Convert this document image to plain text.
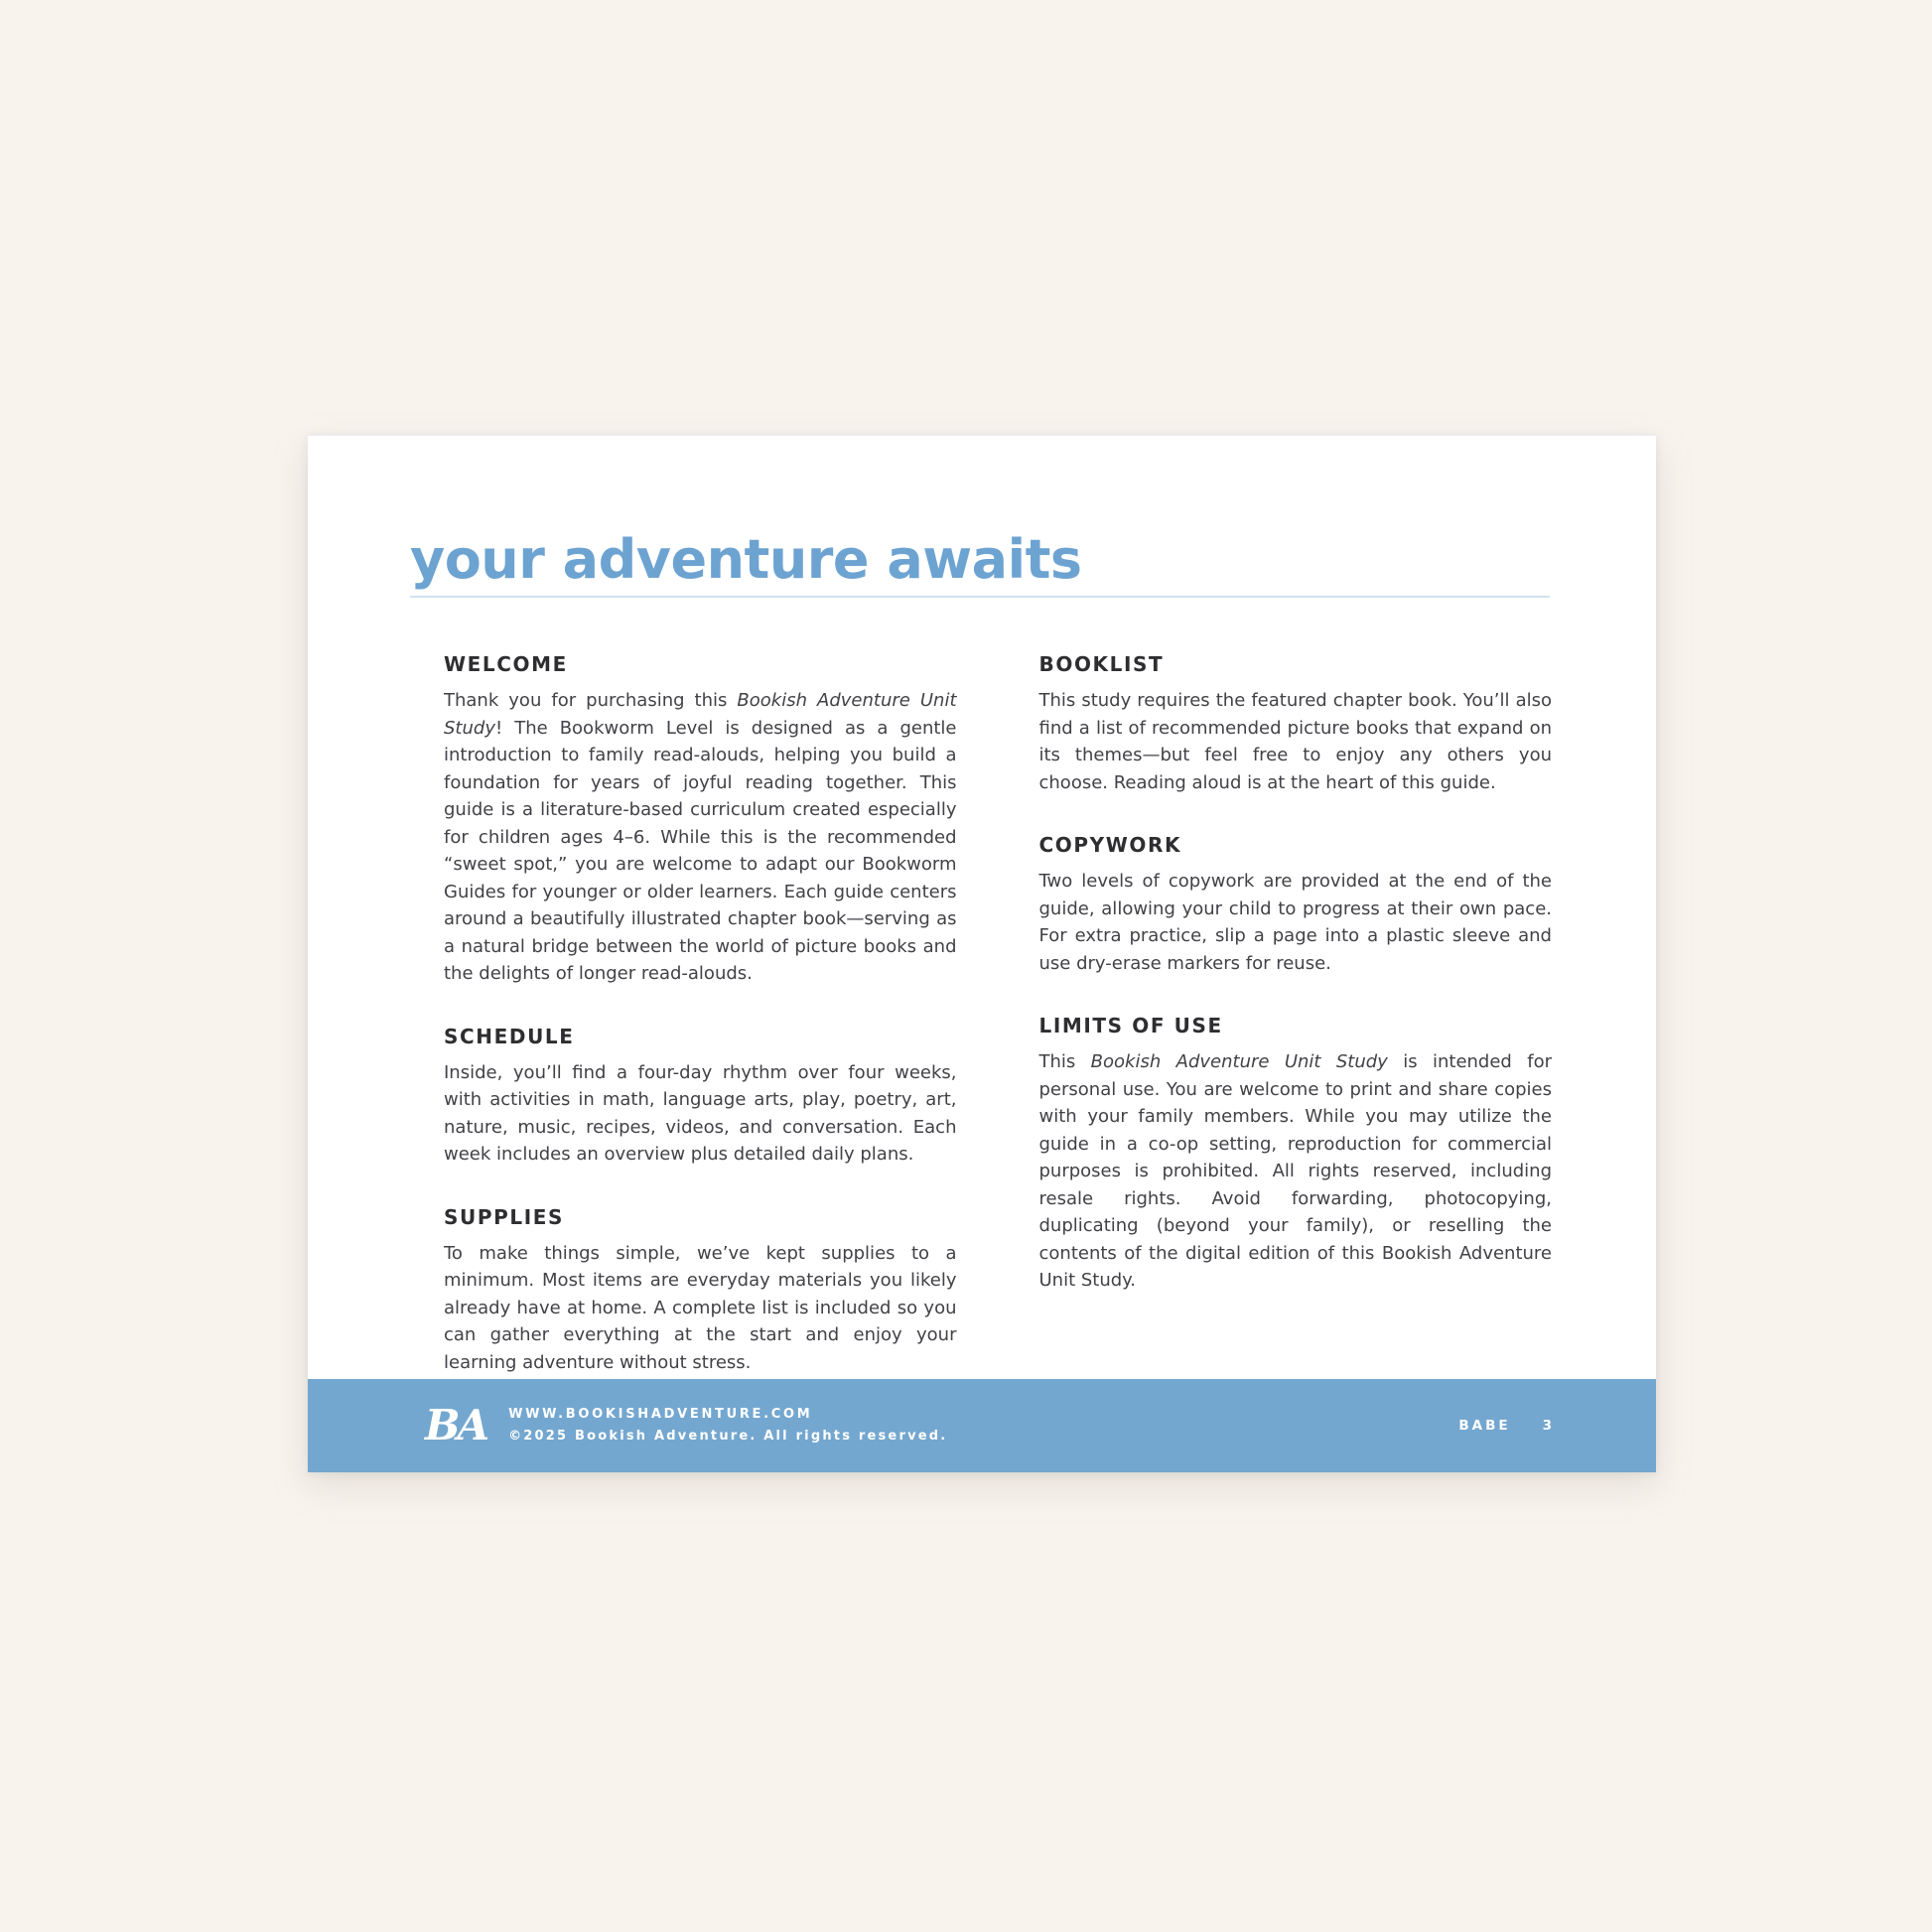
your adventure awaits
WELCOME

Thank you for purchasing this Bookish Adventure Unit Study! The Bookworm Level is designed as a gentle introduction to family read-alouds, helping you build a foundation for years of joyful reading together. This guide is a literature-based curriculum created especially for children ages 4–6. While this is the recommended “sweet spot,” you are welcome to adapt our Bookworm Guides for younger or older learners. Each guide centers around a beautifully illustrated chapter book—serving as a natural bridge between the world of picture books and the delights of longer read-alouds.

SCHEDULE

Inside, you’ll find a four-day rhythm over four weeks, with activities in math, language arts, play, poetry, art, nature, music, recipes, videos, and conversation. Each week includes an overview plus detailed daily plans.

SUPPLIES

To make things simple, we’ve kept supplies to a minimum. Most items are everyday materials you likely already have at home. A complete list is included so you can gather everything at the start and enjoy your learning adventure without stress.

BOOKLIST

This study requires the featured chapter book. You’ll also find a list of recommended picture books that expand on its themes—but feel free to enjoy any others you choose. Reading aloud is at the heart of this guide.

COPYWORK

Two levels of copywork are provided at the end of the guide, allowing your child to progress at their own pace. For extra practice, slip a page into a plastic sleeve and use dry-erase markers for reuse.

LIMITS OF USE

This Bookish Adventure Unit Study is intended for personal use. You are welcome to print and share copies with your family members. While you may utilize the guide in a co-op setting, reproduction for commercial purposes is prohibited. All rights reserved, including resale rights. Avoid forwarding, photocopying, duplicating (beyond your family), or reselling the contents of the digital edition of this Bookish Adventure Unit Study.

BA	WWW.BOOKISHADVENTURE.COM
©2025 Bookish Adventure. All rights reserved.
BABE 3
